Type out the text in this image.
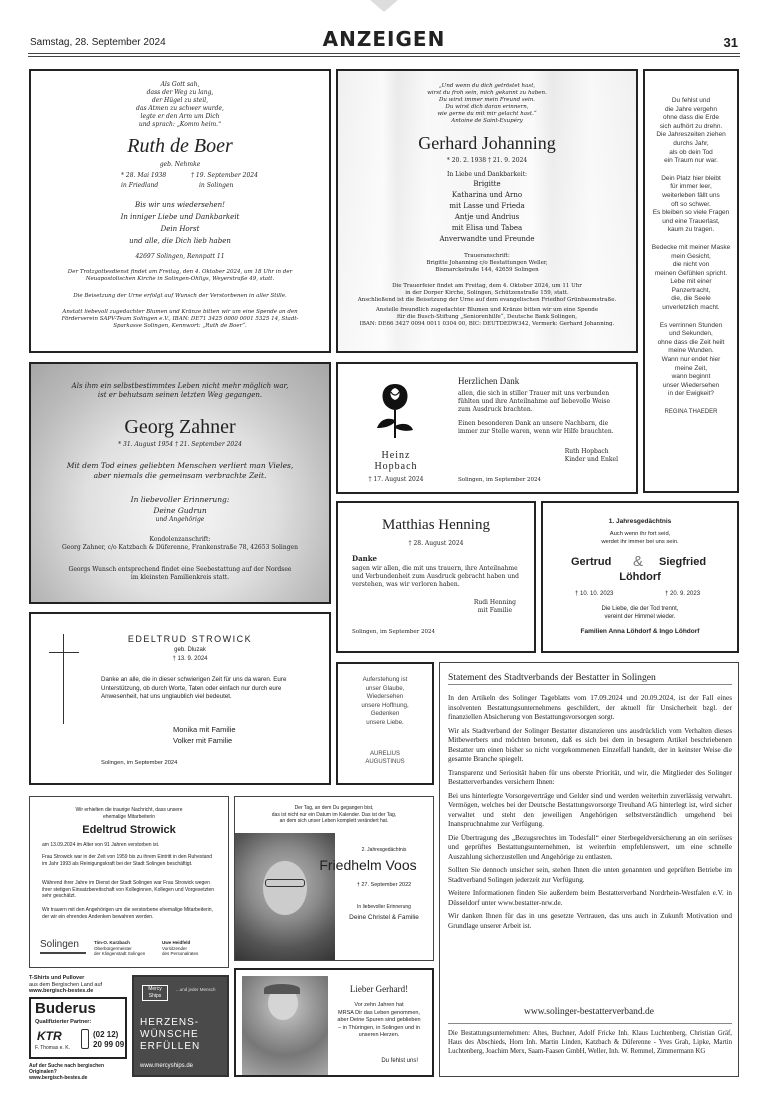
Samstag, 28. September 2024	ANZEIGEN	31
Als Gott sah,
dass der Weg zu lang,
der Hügel zu steil,
das Atmen zu schwer wurde,
legte er den Arm um Dich
und sprach: „Komm heim.“
Ruth de Boer
geb. Nehmke
* 28. Mai 1938	† 19. September 2024
in Friedland	in Solingen
Bis wir uns wiedersehen!
In inniger Liebe und Dankbarkeit
Dein Horst
und alle, die Dich lieb haben
42697 Solingen, Rennpatt 11
Der Trotzgottesdienst findet am Freitag, den 4. Oktober 2024, um 18 Uhr in der Neuapostolischen Kirche in Solingen-Ohligs, Weyerstraße 49, statt.
Die Beisetzung der Urne erfolgt auf Wunsch der Verstorbenen in aller Stille.
Anstatt liebevoll zugedachter Blumen und Kränze bitten wir um eine Spende an den Förderverein SAPV-Team Solingen e.V., IBAN: DE71 3425 0000 0001 5325 14, Stadt-Sparkasse Solingen, Kennwort: „Ruth de Boer“.
„Und wenn du dich getröstet hast,
wirst du froh sein, mich gekannt zu haben.
Du wirst immer mein Freund sein.
Du wirst dich daran erinnern,
wie gerne du mit mir gelacht hast.“
Antoine de Saint-Exupéry
Gerhard Johanning
* 20. 2. 1938 † 21. 9. 2024
In Liebe und Dankbarkeit:
Brigitte
Katharina und Arno
mit Lasse und Frieda
Antje und Andrius
mit Elisa und Tabea
Anverwandte und Freunde
Traueranschrift:
Brigitte Johanning c/o Bestattungen Weller,
Bismarckstraße 144, 42659 Solingen
Die Trauerfeier findet am Freitag, dem 4. Oktober 2024, um 11 Uhr
in der Dorper Kirche, Solingen, Schützenstraße 159, statt.
Anschließend ist die Beisetzung der Urne auf dem evangelischen Friedhof Grünbaumstraße.
Anstelle freundlich zugedachter Blumen und Kränze bitten wir um eine Spende
für die Busch-Stiftung „Seniorenhilfe“, Deutsche Bank Solingen,
IBAN: DE66 3427 0094 0011 0304 00, BIC: DEUTDEDW342, Vermerk: Gerhard Johanning.
Du fehlst und
die Jahre vergehn
ohne dass die Erde
sich aufhört zu drehn.
Die Jahreszeiten ziehen
durchs Jahr,
als ob dein Tod
ein Traum nur war.
Dein Platz hier bleibt
für immer leer,
weiterleben fällt uns
oft so schwer.
Es bleiben so viele Fragen
und eine Trauerlast,
kaum zu tragen.
Bedecke mit meiner Maske
mein Gesicht,
die nicht von
meinen Gefühlen spricht.
Lebe mit einer
Panzertracht,
die, die Seele
unverletzlich macht.
Es verrinnen Stunden
und Sekunden,
ohne dass die Zeit heilt
meine Wunden.
Wann nur endet hier
meine Zeit,
wann beginnt
unser Wiedersehen
in der Ewigkeit?
REGINA THAEDER
Als ihm ein selbstbestimmtes Leben nicht mehr möglich war,
ist er behutsam seinen letzten Weg gegangen.
Georg Zahner
* 31. August 1954 † 21. September 2024
Mit dem Tod eines geliebten Menschen verliert man Vieles,
aber niemals die gemeinsam verbrachte Zeit.
In liebevoller Erinnerung:
Deine Gudrun
und Angehörige
Kondolenzanschrift:
Georg Zahner, c/o Katzbach & Düferenne, Frankenstraße 78, 42653 Solingen
Georgs Wunsch entsprechend findet eine Seebestattung auf der Nordsee
im kleinsten Familienkreis statt.
Heinz
Hopbach
† 17. August 2024
Herzlichen Dank
allen, die sich in stiller Trauer mit uns verbunden fühlten und ihre Anteilnahme auf liebevolle Weise zum Ausdruck brachten.
Einen besonderen Dank an unsere Nachbarn, die immer zur Stelle waren, wenn wir Hilfe brauchten.
Ruth Hopbach
Kinder und Enkel
Solingen, im September 2024
Matthias Henning
† 28. August 2024
Danke
sagen wir allen, die mit uns trauern, ihre Anteilnahme und Verbundenheit zum Ausdruck gebracht haben und verstehen, was wir verloren haben.
Rudi Henning
mit Familie
Solingen, im September 2024
1. Jahresgedächtnis
Auch wenn ihr fort seid,
werdet ihr immer bei uns sein.
Gertrud & Siegfried
Löhdorf
† 10. 10. 2023	† 20. 9. 2023
Die Liebe, die der Tod trennt,
vereint der Himmel wieder.
Familien Anna Löhdorf & Ingo Löhdorf
EDELTRUD STROWICK
geb. Dluzak
† 13. 9. 2024
Danke an alle, die in dieser schwierigen Zeit für uns da waren. Eure Unterstützung, ob durch Worte, Taten oder einfach nur durch eure Anwesenheit, hat uns unglaublich viel bedeutet.
Monika mit Familie
Volker mit Familie
Solingen, im September 2024
Auferstehung ist
unser Glaube,
Wiedersehen
unsere Hoffnung,
Gedenken
unsere Liebe.
AURELIUS
AUGUSTINUS
Statement des Stadtverbands der Bestatter in Solingen

In den Artikeln des Solinger Tageblatts vom 17.09.2024 und 20.09.2024, ist der Fall eines insolventen Bestattungsunternehmens geschildert, der aktuell für Unsicherheit bzgl. der finanziellen Absicherung von Bestattungsvorsorgen sorgt.

Wir als Stadtverband der Solinger Bestatter distanzieren uns ausdrücklich vom Verhalten dieses Mitbewerbers und möchten betonen, daß es sich bei dem in besagtem Artikel beschriebenen Bestatter um einen bisher so nicht vorgekommenen Einzelfall handelt, der in keinster Weise die gesamte Branche spiegelt.

Transparenz und Seriosität haben für uns oberste Priorität, und wir, die Mitglieder des Solinger Bestatterverbandes versichern Ihnen:

Bei uns hinterlegte Vorsorgeverträge und Gelder sind und werden weiterhin zuverlässig verwahrt. Vermögen, welches bei der Deutsche Bestattungsvorsorge Treuhand AG hinterlegt ist, wird sicher verwaltet und steht den jeweiligen Angehörigen selbstverständlich umgehend bei Inanspruchnahme zur Verfügung.

Die Übertragung des „Bezugsrechtes im Todesfall“ einer Sterbegeldversicherung an ein seriöses und geprüftes Bestattungsunternehmen, ist weiterhin empfehlenswert, um eine schnelle Auszahlung sicherzustellen und Angehörige zu entlasten.

Sollten Sie dennoch unsicher sein, stehen Ihnen die unten genannten und geprüften Betriebe im Stadtverband Solingen jederzeit zur Verfügung.

Weitere Informationen finden Sie außerdem beim Bestatterverband Nordrhein-Westfalen e.V. in Düsseldorf unter www.bestatter-nrw.de.

Wir danken Ihnen für das in uns gesetzte Vertrauen, das uns auch in Zukunft Motivation und Grundlage unserer Arbeit ist.

www.solinger-bestatterverband.de
Die Bestattungsunternehmen: Altes, Buchner, Adolf Fricke Inh. Klaus Luchtenberg, Christian Gräf, Haus des Abschieds, Horn Inh. Martin Linden, Katzbach & Düferenne - Yves Grah, Lipke, Martin Luchtenberg, Joachim Merx, Saam-Faasen GmbH, Weller, Inh. W. Remmel, Zimmermann KG
Wir erhielten die traurige Nachricht, dass unsere
ehemalige Mitarbeiterin
Edeltrud Strowick
am 13.09.2024 im Alter von 91 Jahren verstorben ist.
Frau Strowick war in der Zeit von 1959 bis zu ihrem Eintritt in den Ruhestand im Jahr 1993 als Reinigungskraft bei der Stadt Solingen beschäftigt.
Während ihrer Jahre im Dienst der Stadt Solingen war Frau Strowick wegen ihrer stetigen Einsatzbereitschaft von Kolleginnen, Kollegen und Vorgesetzten sehr geschätzt.
Wir trauern mit den Angehörigen um die verstorbene ehemalige Mitarbeiterin, der wir ein ehrendes Andenken bewahren werden.
Solingen	Tim-O. Kurzbach
Oberbürgermeister
der Klingenstadt Solingen
Uwe Heidfeld
Vorsitzender
des Personalrates
Der Tag, an dem Du gegangen bist,
das ist nicht nur ein Datum im Kalender. Das ist der Tag,
an dem sich unser Leben komplett verändert hat.
2. Jahresgedächtnis
Friedhelm Voos
† 27. September 2022
In liebevoller Erinnerung
Deine Christel & Familie
T-Shirts und Pullover
aus dem Bergischen Land auf
www.bergisch-bestes.de
Buderus
Qualifizierter Partner:
KTR
F. Thomas e. K.
(02 12)
20 99 09
Auf der Suche nach bergischen Originalen?
www.bergisch-bestes.de
Mercy Ships
...und jeder Mensch
HERZENS-
WÜNSCHE
ERFÜLLEN
www.mercyships.de
Lieber Gerhard!
Vor zehn Jahren hat
MRSA Dir das Leben genommen,
aber Deine Spuren sind geblieben
– in Thüringen, in Solingen und in
unseren Herzen.
Du fehlst uns!
